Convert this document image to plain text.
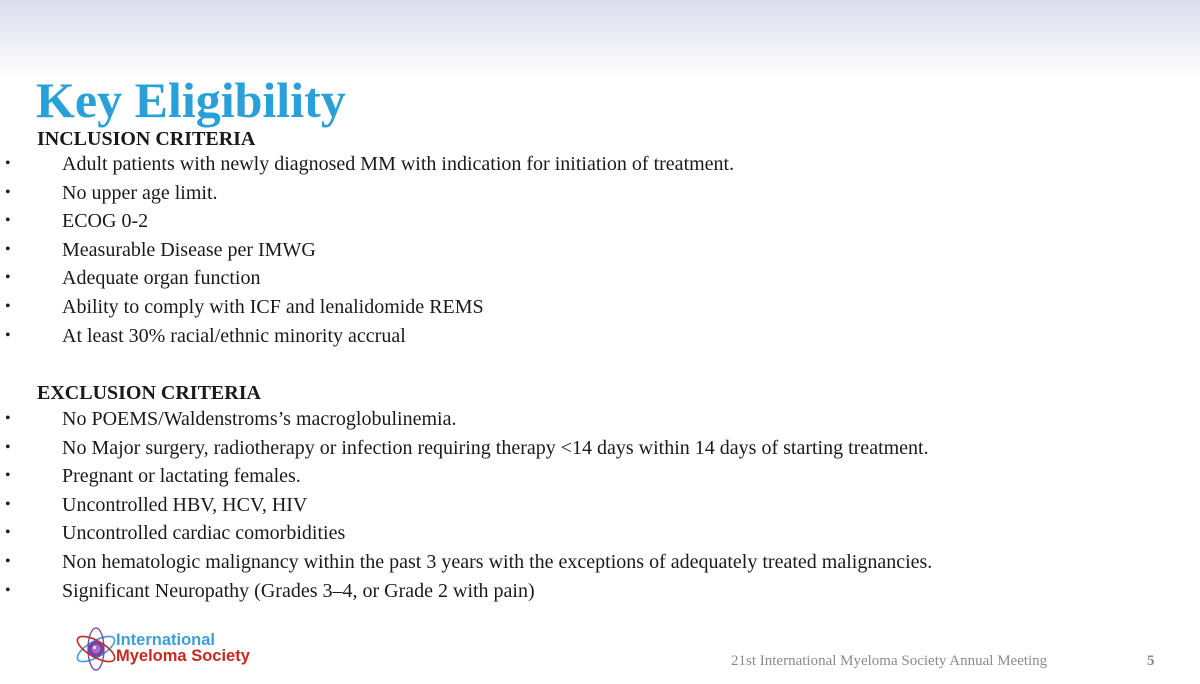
Key Eligibility
INCLUSION CRITERIA
•	Adult patients with newly diagnosed MM with indication for initiation of treatment.
•	No upper age limit.
•	ECOG 0-2
•	Measurable Disease per IMWG
•	Adequate organ function
•	Ability to comply with ICF and lenalidomide REMS
•	At least 30% racial/ethnic minority accrual
EXCLUSION CRITERIA
•	No POEMS/Waldenstroms’s macroglobulinemia.
•	No Major surgery, radiotherapy or infection requiring therapy <14 days within 14 days of starting treatment.
•	Pregnant or lactating females.
•	Uncontrolled HBV, HCV, HIV
•	Uncontrolled cardiac comorbidities
•	Non hematologic malignancy within the past 3 years with the exceptions of adequately treated malignancies.
•	Significant Neuropathy (Grades 3–4, or Grade 2 with pain)
International
Myeloma Society	21st International Myeloma Society Annual Meeting	5
